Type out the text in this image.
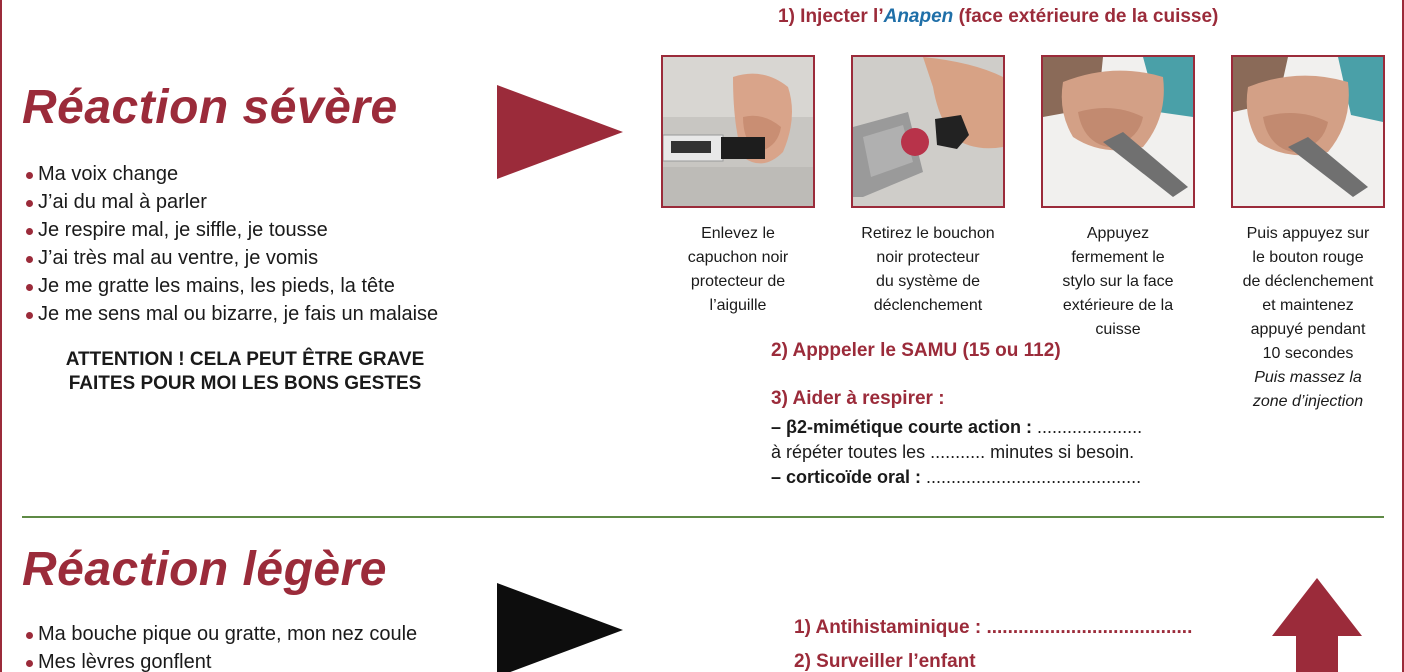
Réaction sévère
Ma voix change
J’ai du mal à parler
Je respire mal, je siffle, je tousse
J’ai très mal au ventre, je vomis
Je me gratte les mains, les pieds, la tête
Je me sens mal ou bizarre, je fais un malaise
ATTENTION ! CELA PEUT ÊTRE GRAVE
FAITES POUR MOI LES BONS GESTES
1) Injecter l’Anapen (face extérieure de la cuisse)
Enlevez le
capuchon noir
protecteur de
l’aiguille
Retirez le bouchon
noir protecteur
du système de
déclenchement
Appuyez
fermement le
stylo sur la face
extérieure de la
cuisse
Puis appuyez sur
le bouton rouge
de déclenchement
et maintenez
appuyé pendant
10 secondes
Puis massez la
zone d’injection
2) Apppeler le SAMU (15 ou 112)
3) Aider à respirer :
– β2-mimétique courte action : .....................
à répéter toutes les ........... minutes si besoin.
– corticoïde oral : ...........................................
Réaction légère
Ma bouche pique ou gratte, mon nez coule
Mes lèvres gonflent
1) Antihistaminique : .......................................
2) Surveiller l’enfant
